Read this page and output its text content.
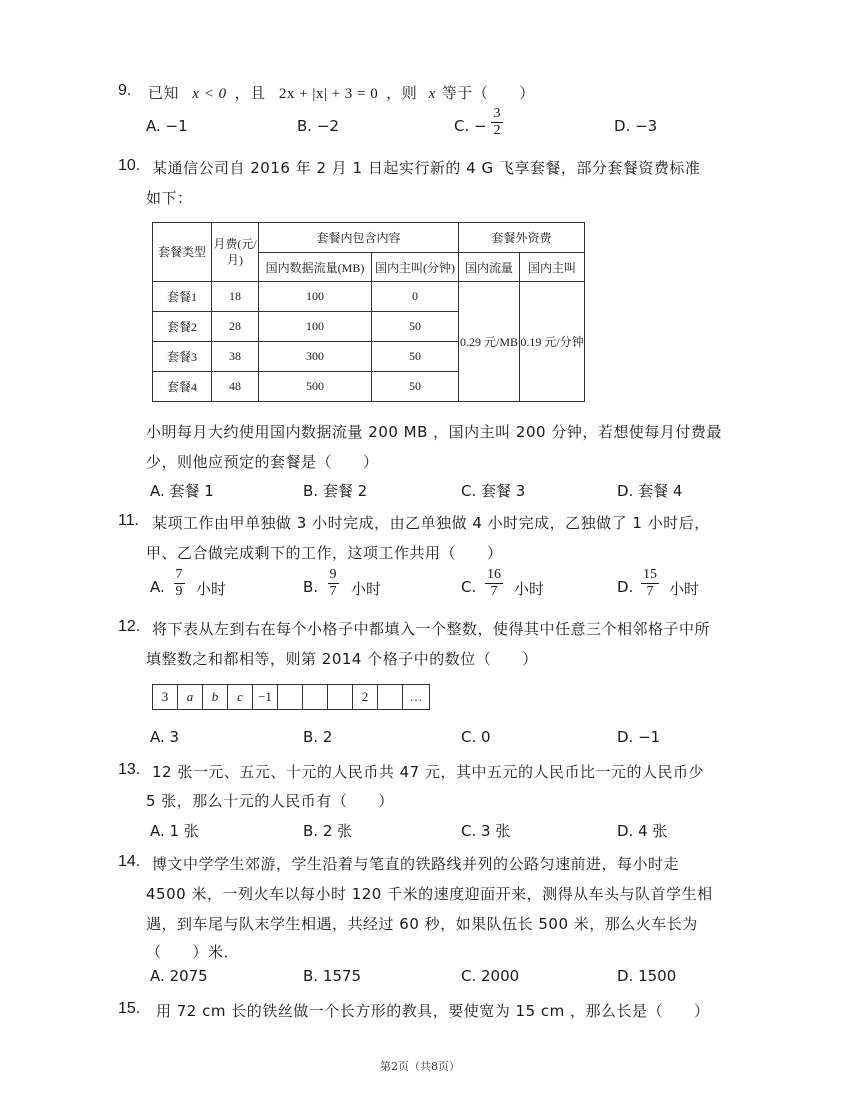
9. 已知 x < 0 ，且 2x + |x| + 3 = 0 ，则 x 等于（　　）
A. −1	B. −2	C. −
3
2	D. −3
10. 某通信公司自 2016 年 2 月 1 日起实行新的 4 G 飞享套餐，部分套餐资费标准
如下：
套餐类型	月费(元/月)	套餐内包含内容		套餐外资费	
		国内数据流量(MB)	国内主叫(分钟)	国内流量	国内主叫
套餐1	18	100	0	0.29 元/MB	0.19 元/分钟
套餐2	28	100	50		
套餐3	38	300	50		
套餐4	48	500	50		
小明每月大约使用国内数据流量 200 MB ，国内主叫 200 分钟，若想使每月付费最
少，则他应预定的套餐是（　　）
A. 套餐 1	B. 套餐 2	C. 套餐 3	D. 套餐 4
11. 某项工作由甲单独做 3 小时完成，由乙单独做 4 小时完成，乙独做了 1 小时后，
甲、乙合做完成剩下的工作，这项工作共用（　　）
A.
7
9 小时	B.
9
7 小时	C.
16
7	小时	D.
15
7	小时
12. 将下表从左到右在每个小格子中都填入一个整数，使得其中任意三个相邻格子中所
填整数之和都相等，则第 2014 个格子中的数位（　　）
3	a	b	c	−1				2		…
A. 3	B. 2	C. 0	D. −1
13. 12 张一元、五元、十元的人民币共 47 元，其中五元的人民币比一元的人民币少
5 张，那么十元的人民币有（　　）
A. 1 张	B. 2 张	C. 3 张	D. 4 张
14. 博文中学学生郊游，学生沿着与笔直的铁路线并列的公路匀速前进，每小时走
4500 米，一列火车以每小时 120 千米的速度迎面开来，测得从车头与队首学生相
遇，到车尾与队末学生相遇，共经过 60 秒，如果队伍长 500 米，那么火车长为
（　　）米．
A. 2075	B. 1575	C. 2000	D. 1500
15. 用 72 cm 长的铁丝做一个长方形的教具，要使宽为 15 cm ，那么长是（　　）
第2页（共8页）
